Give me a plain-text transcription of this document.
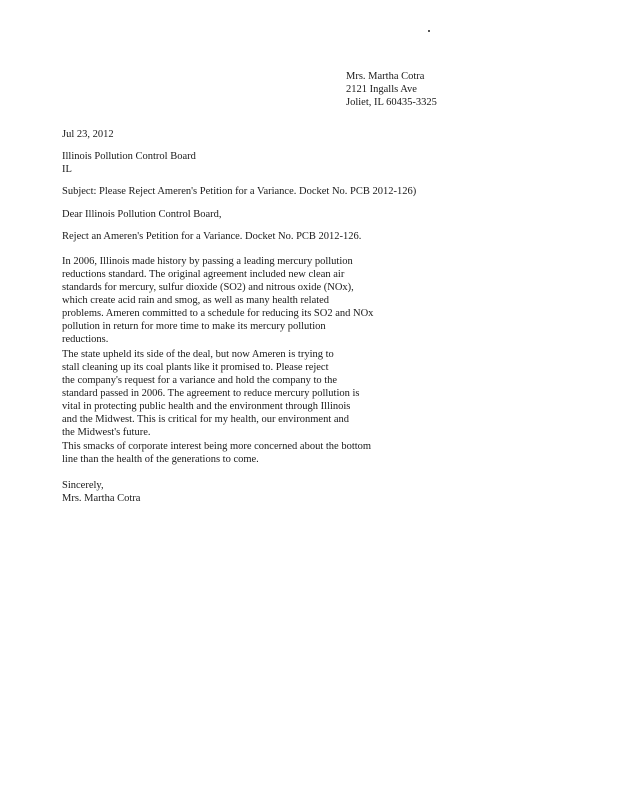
Mrs. Martha Cotra
2121 Ingalls Ave
Joliet, IL 60435-3325
Jul 23, 2012
Illinois Pollution Control Board
IL
Subject: Please Reject Ameren's Petition for a Variance. Docket No. PCB 2012-126)
Dear Illinois Pollution Control Board,
Reject an Ameren's Petition for a Variance. Docket No. PCB 2012-126.
In 2006, Illinois made history by passing a leading mercury pollution
reductions standard. The original agreement included new clean air
standards for mercury, sulfur dioxide (SO2) and nitrous oxide (NOx),
which create acid rain and smog, as well as many health related
problems. Ameren committed to a schedule for reducing its SO2 and NOx
pollution in return for more time to make its mercury pollution
reductions.
The state upheld its side of the deal, but now Ameren is trying to
stall cleaning up its coal plants like it promised to. Please reject
the company's request for a variance and hold the company to the
standard passed in 2006. The agreement to reduce mercury pollution is
vital in protecting public health and the environment through Illinois
and the Midwest. This is critical for my health, our environment and
the Midwest's future.
This smacks of corporate interest being more concerned about the bottom
line than the health of the generations to come.
Sincerely,
Mrs. Martha Cotra
